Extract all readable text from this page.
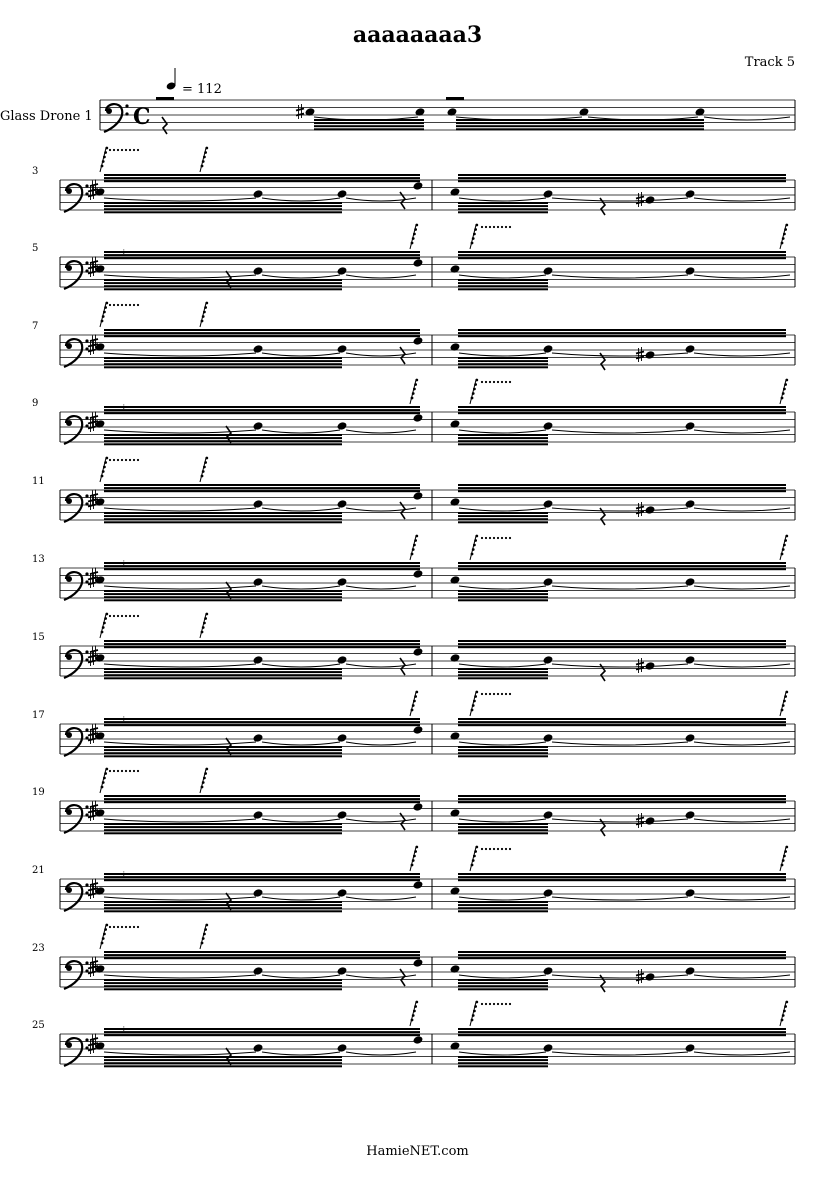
aaaaaaaa3
Track 5
Glass Drone 1 C
= 112
3
5	⁘
7
9	⁘
11
13	⁘
15
17	⁘
19
21	⁘
23
25	⁘
HamieNET.com
